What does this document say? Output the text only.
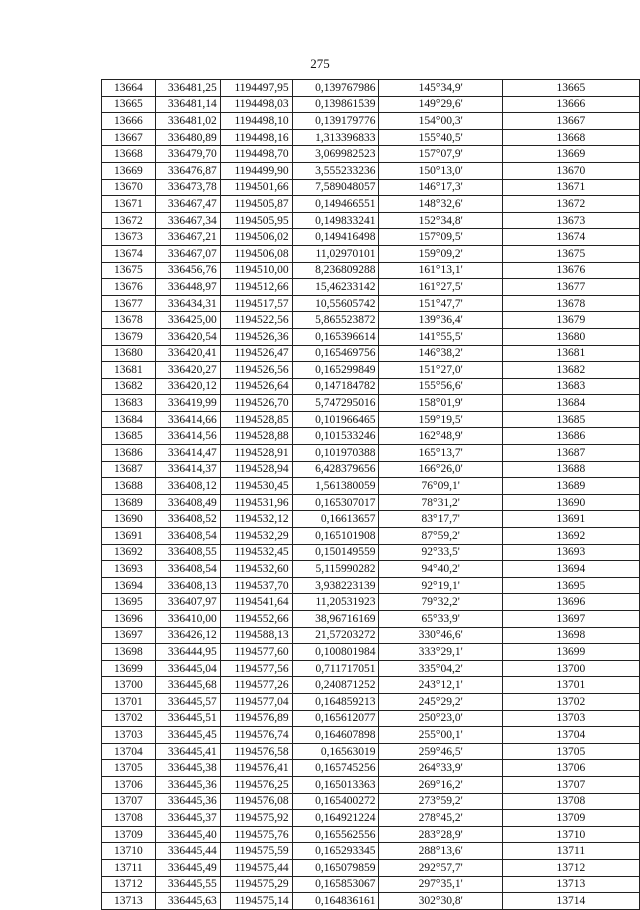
275
13664	336481,25	1194497,95	0,139767986	145°34,9'	13665
13665	336481,14	1194498,03	0,139861539	149°29,6'	13666
13666	336481,02	1194498,10	0,139179776	154°00,3'	13667
13667	336480,89	1194498,16	1,313396833	155°40,5'	13668
13668	336479,70	1194498,70	3,069982523	157°07,9'	13669
13669	336476,87	1194499,90	3,555233236	150°13,0'	13670
13670	336473,78	1194501,66	7,589048057	146°17,3'	13671
13671	336467,47	1194505,87	0,149466551	148°32,6'	13672
13672	336467,34	1194505,95	0,149833241	152°34,8'	13673
13673	336467,21	1194506,02	0,149416498	157°09,5'	13674
13674	336467,07	1194506,08	11,02970101	159°09,2'	13675
13675	336456,76	1194510,00	8,236809288	161°13,1'	13676
13676	336448,97	1194512,66	15,46233142	161°27,5'	13677
13677	336434,31	1194517,57	10,55605742	151°47,7'	13678
13678	336425,00	1194522,56	5,865523872	139°36,4'	13679
13679	336420,54	1194526,36	0,165396614	141°55,5'	13680
13680	336420,41	1194526,47	0,165469756	146°38,2'	13681
13681	336420,27	1194526,56	0,165299849	151°27,0'	13682
13682	336420,12	1194526,64	0,147184782	155°56,6'	13683
13683	336419,99	1194526,70	5,747295016	158°01,9'	13684
13684	336414,66	1194528,85	0,101966465	159°19,5'	13685
13685	336414,56	1194528,88	0,101533246	162°48,9'	13686
13686	336414,47	1194528,91	0,101970388	165°13,7'	13687
13687	336414,37	1194528,94	6,428379656	166°26,0'	13688
13688	336408,12	1194530,45	1,561380059	76°09,1'	13689
13689	336408,49	1194531,96	0,165307017	78°31,2'	13690
13690	336408,52	1194532,12	0,16613657	83°17,7'	13691
13691	336408,54	1194532,29	0,165101908	87°59,2'	13692
13692	336408,55	1194532,45	0,150149559	92°33,5'	13693
13693	336408,54	1194532,60	5,115990282	94°40,2'	13694
13694	336408,13	1194537,70	3,938223139	92°19,1'	13695
13695	336407,97	1194541,64	11,20531923	79°32,2'	13696
13696	336410,00	1194552,66	38,96716169	65°33,9'	13697
13697	336426,12	1194588,13	21,57203272	330°46,6'	13698
13698	336444,95	1194577,60	0,100801984	333°29,1'	13699
13699	336445,04	1194577,56	0,711717051	335°04,2'	13700
13700	336445,68	1194577,26	0,240871252	243°12,1'	13701
13701	336445,57	1194577,04	0,164859213	245°29,2'	13702
13702	336445,51	1194576,89	0,165612077	250°23,0'	13703
13703	336445,45	1194576,74	0,164607898	255°00,1'	13704
13704	336445,41	1194576,58	0,16563019	259°46,5'	13705
13705	336445,38	1194576,41	0,165745256	264°33,9'	13706
13706	336445,36	1194576,25	0,165013363	269°16,2'	13707
13707	336445,36	1194576,08	0,165400272	273°59,2'	13708
13708	336445,37	1194575,92	0,164921224	278°45,2'	13709
13709	336445,40	1194575,76	0,165562556	283°28,9'	13710
13710	336445,44	1194575,59	0,165293345	288°13,6'	13711
13711	336445,49	1194575,44	0,165079859	292°57,7'	13712
13712	336445,55	1194575,29	0,165853067	297°35,1'	13713
13713	336445,63	1194575,14	0,164836161	302°30,8'	13714
